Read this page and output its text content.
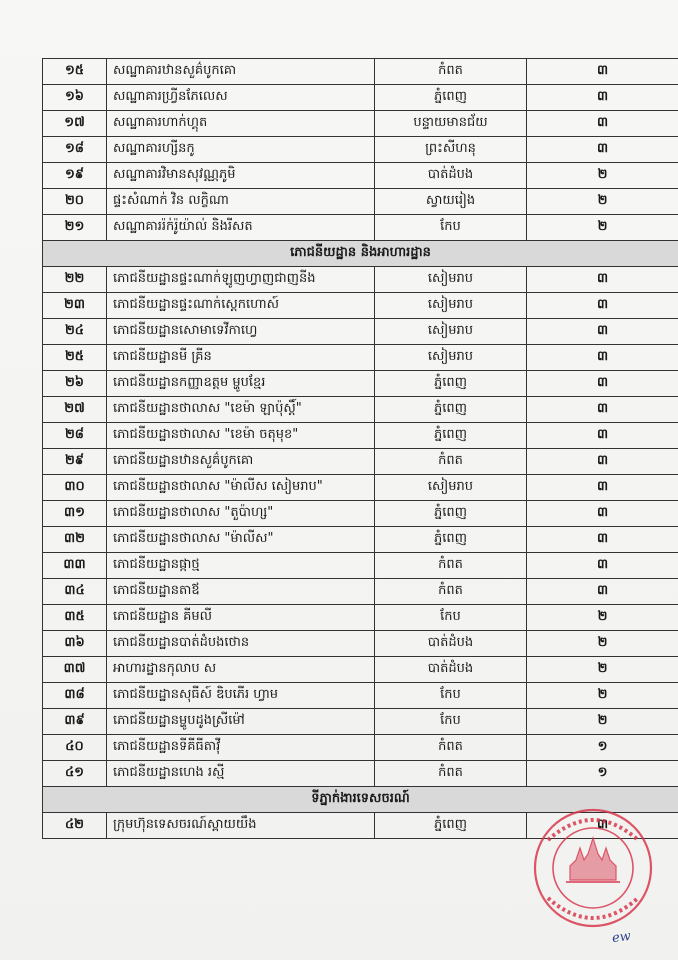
១៥	សណ្ឋាគារឋានសួគ៌បូកគោ	កំពត	៣
១៦	សណ្ឋាគារហ្វ្រីនភែលេស	ភ្នំពេញ	៣
១៧	សណ្ឋាគារហាក់ហ្គុត	បន្ទាយមានជ័យ	៣
១៨	សណ្ឋាគារហ្សីនកូ	ព្រះសីហនុ	៣
១៩	សណ្ឋាគារវិមានសុវណ្ណភូមិ	បាត់ដំបង	២
២០	ផ្ទះសំណាក់ វិន លក្ខិណា	ស្វាយរៀង	២
២១	សណ្ឋាគាររ៉ក់រ៉ូយ៉ាល់ និងរីសត	កែប	២
ភោជនីយដ្ឋាន និងអាហារដ្ឋាន			
២២	ភោជនីយដ្ឋានផ្ទះណាក់ឡូញហ្វាញជាញនីង	សៀមរាប	៣
២៣	ភោជនីយដ្ឋានផ្ទះណាក់ស្តេកហោស៍	សៀមរាប	៣
២៤	ភោជនីយដ្ឋានសោមាទេវីកាហ្វេ	សៀមរាប	៣
២៥	ភោជនីយដ្ឋានមី គ្រីន	សៀមរាប	៣
២៦	ភោជនីយដ្ឋានកញ្ញាឧត្តម ម្ហូបខ្មែរ	ភ្នំពេញ	៣
២៧	ភោជនីយដ្ឋានថាលាស "ខេម៉ា ឡាប៉ុស្តិ៍"	ភ្នំពេញ	៣
២៨	ភោជនីយដ្ឋានថាលាស "ខេម៉ា ចតុមុខ"	ភ្នំពេញ	៣
២៩	ភោជនីយដ្ឋានឋានសួគ៌បូកគោ	កំពត	៣
៣០	ភោជនីយដ្ឋានថាលាស "ម៉ាលីស សៀមរាប"	សៀមរាប	៣
៣១	ភោជនីយដ្ឋានថាលាស "តួប៉ាហ្ស"	ភ្នំពេញ	៣
៣២	ភោជនីយដ្ឋានថាលាស "ម៉ាលីស"	ភ្នំពេញ	៣
៣៣	ភោជនីយដ្ឋានផ្កាថ្ម	កំពត	៣
៣៤	ភោជនីយដ្ឋានតាឪ	កំពត	៣
៣៥	ភោជនីយដ្ឋាន គីមលី	កែប	២
៣៦	ភោជនីយដ្ឋានបាត់ដំបងថោន	បាត់ដំបង	២
៣៧	អាហារដ្ឋានកុលាប ស	បាត់ដំបង	២
៣៨	ភោជនីយដ្ឋានសុធីស៍ ឌិបភើរ ហ្វាម	កែប	២
៣៩	ភោជនីយដ្ឋានម្ហូបដូងស្រីម៉ៅ	កែប	២
៤០	ភោជនីយដ្ឋានទីគីធីតាវ៉ី	កំពត	១
៤១	ភោជនីយដ្ឋានហេង រស្មី	កំពត	១
ទីភ្នាក់ងារទេសចរណ៍			
៤២	ក្រុមហ៊ុនទេសចរណ៍ស្ពាយយឹង	ភ្នំពេញ	៣
ew
